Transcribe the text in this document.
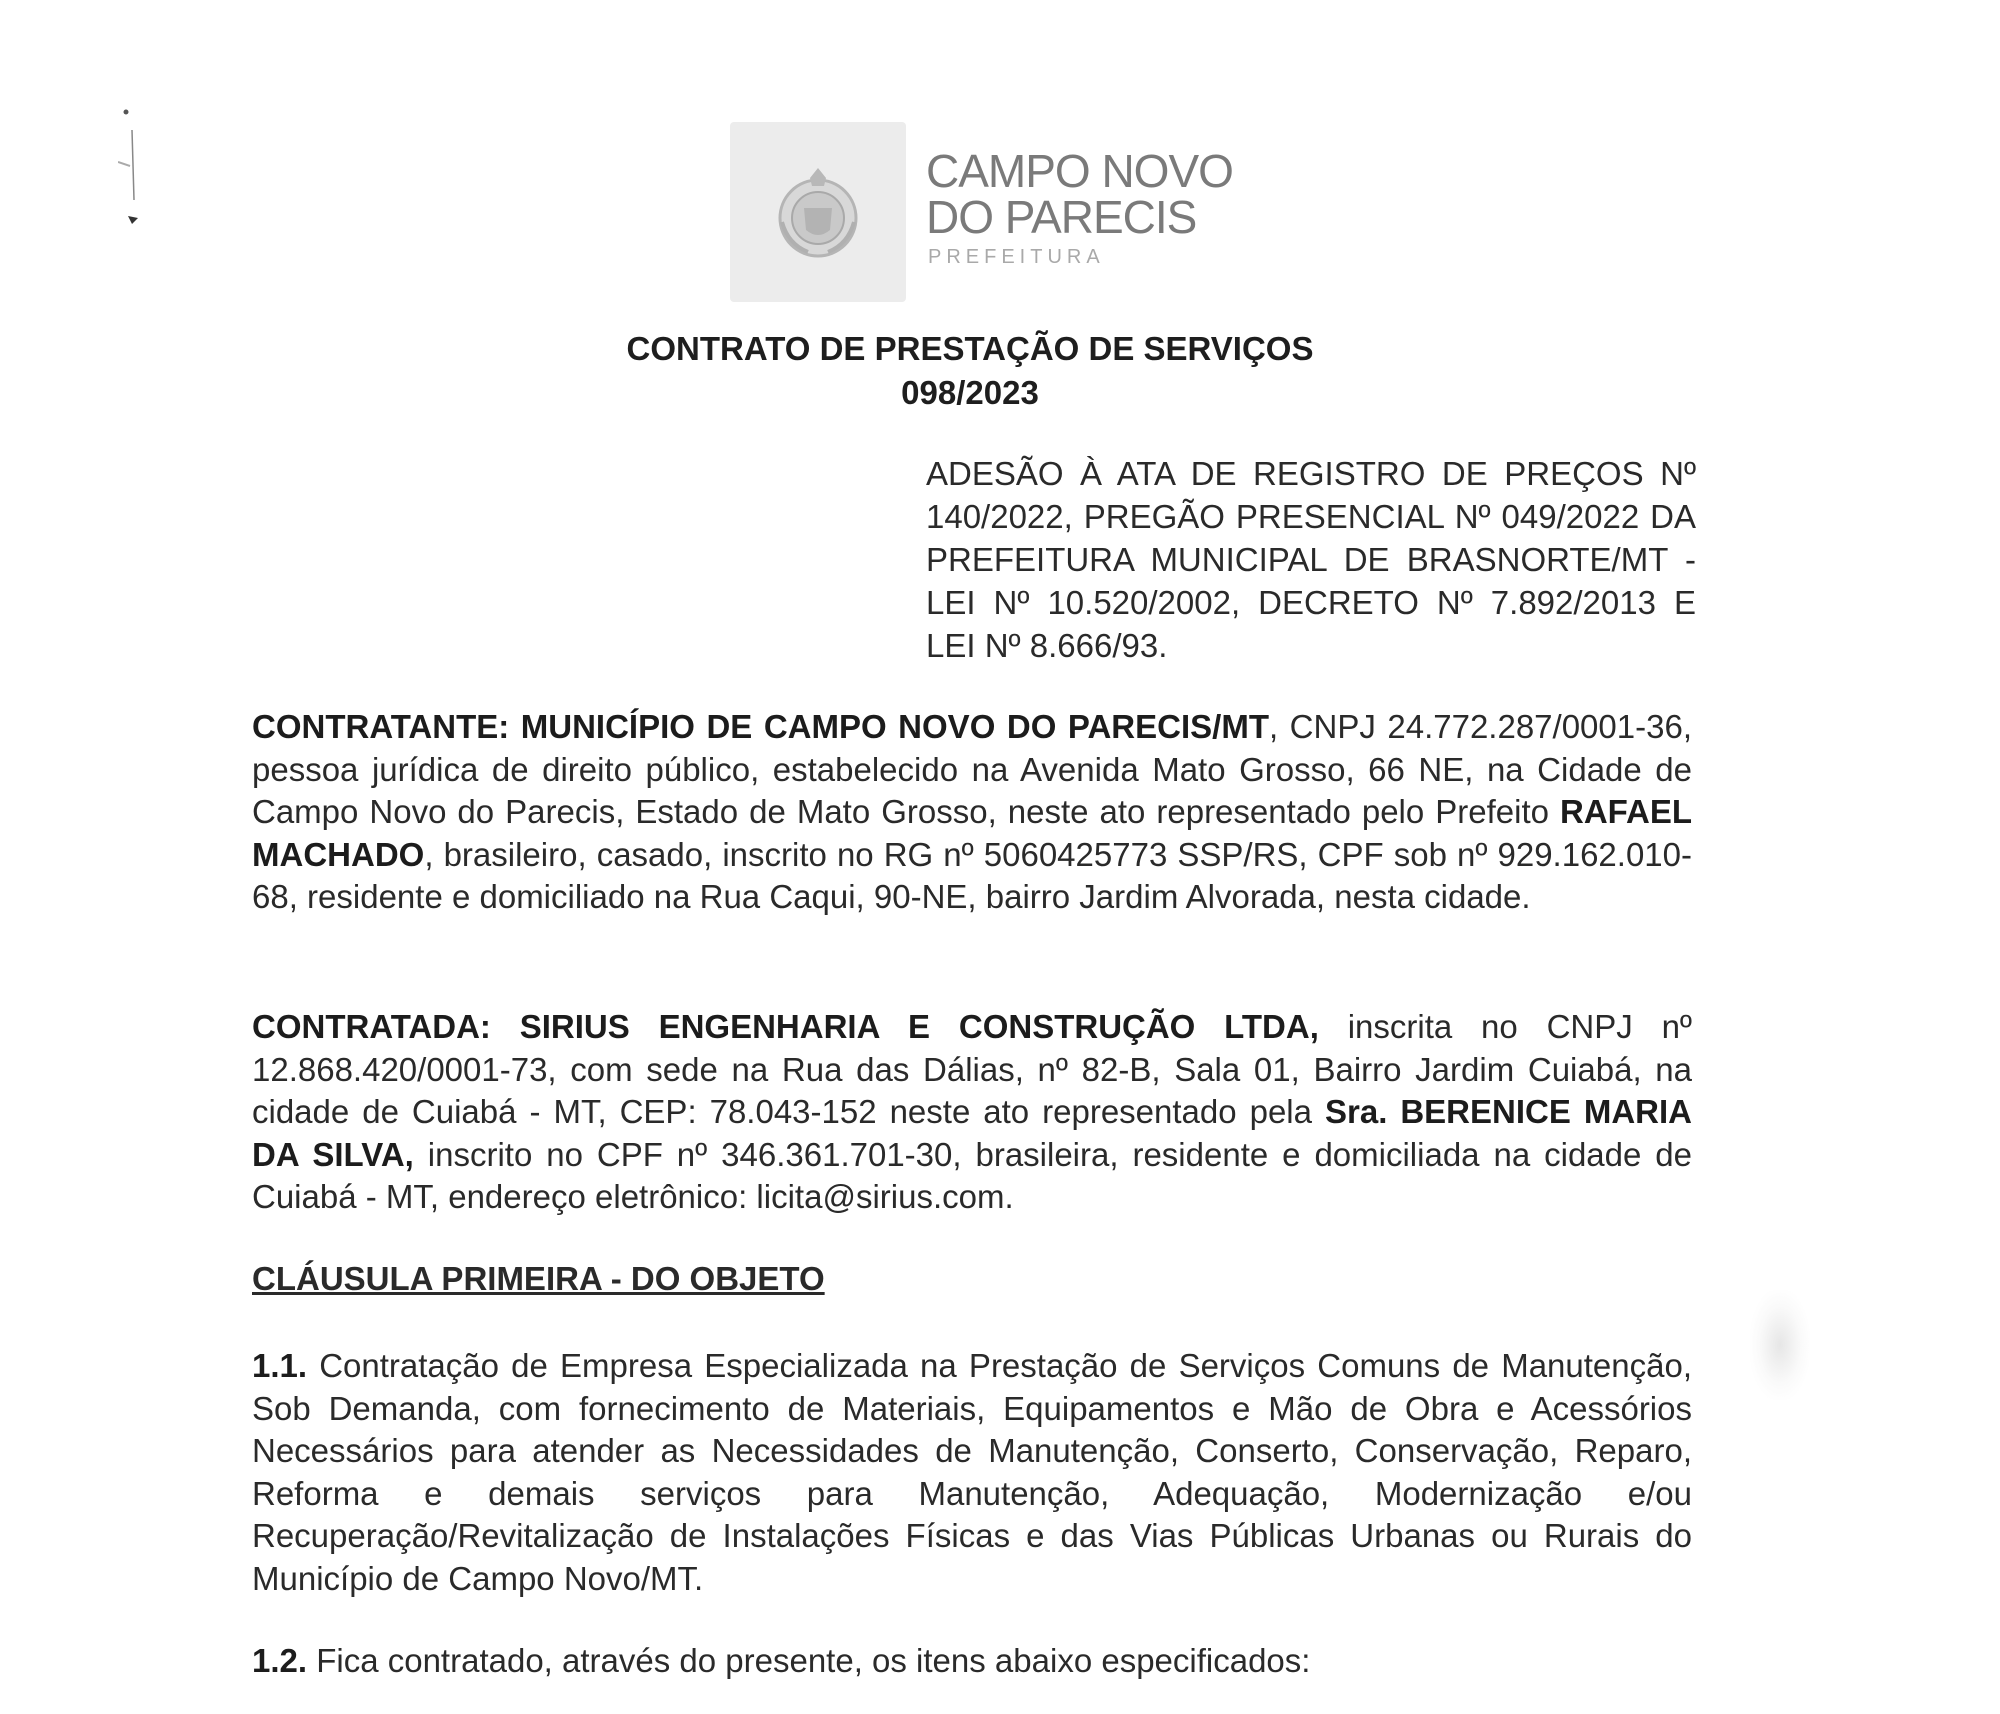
CAMPO NOVO
DO PARECIS
PREFEITURA
CONTRATO DE PRESTAÇÃO DE SERVIÇOS
098/2023
ADESÃO À ATA DE REGISTRO DE PREÇOS Nº 140/2022, PREGÃO PRESENCIAL Nº 049/2022 DA PREFEITURA MUNICIPAL DE BRASNORTE/MT - LEI Nº 10.520/2002, DECRETO Nº 7.892/2013 E LEI Nº 8.666/93.
CONTRATANTE: MUNICÍPIO DE CAMPO NOVO DO PARECIS/MT, CNPJ 24.772.287/0001-36, pessoa jurídica de direito público, estabelecido na Avenida Mato Grosso, 66 NE, na Cidade de Campo Novo do Parecis, Estado de Mato Grosso, neste ato representado pelo Prefeito RAFAEL MACHADO, brasileiro, casado, inscrito no RG nº 5060425773 SSP/RS, CPF sob nº 929.162.010-68, residente e domiciliado na Rua Caqui, 90-NE, bairro Jardim Alvorada, nesta cidade.
CONTRATADA: SIRIUS ENGENHARIA E CONSTRUÇÃO LTDA, inscrita no CNPJ nº 12.868.420/0001-73, com sede na Rua das Dálias, nº 82-B, Sala 01, Bairro Jardim Cuiabá, na cidade de Cuiabá - MT, CEP: 78.043-152 neste ato representado pela Sra. BERENICE MARIA DA SILVA, inscrito no CPF nº 346.361.701-30, brasileira, residente e domiciliada na cidade de Cuiabá - MT, endereço eletrônico: licita@sirius.com.
CLÁUSULA PRIMEIRA - DO OBJETO
1.1. Contratação de Empresa Especializada na Prestação de Serviços Comuns de Manutenção, Sob Demanda, com fornecimento de Materiais, Equipamentos e Mão de Obra e Acessórios Necessários para atender as Necessidades de Manutenção, Conserto, Conservação, Reparo, Reforma e demais serviços para Manutenção, Adequação, Modernização e/ou Recuperação/Revitalização de Instalações Físicas e das Vias Públicas Urbanas ou Rurais do Município de Campo Novo/MT.
1.2. Fica contratado, através do presente, os itens abaixo especificados:
